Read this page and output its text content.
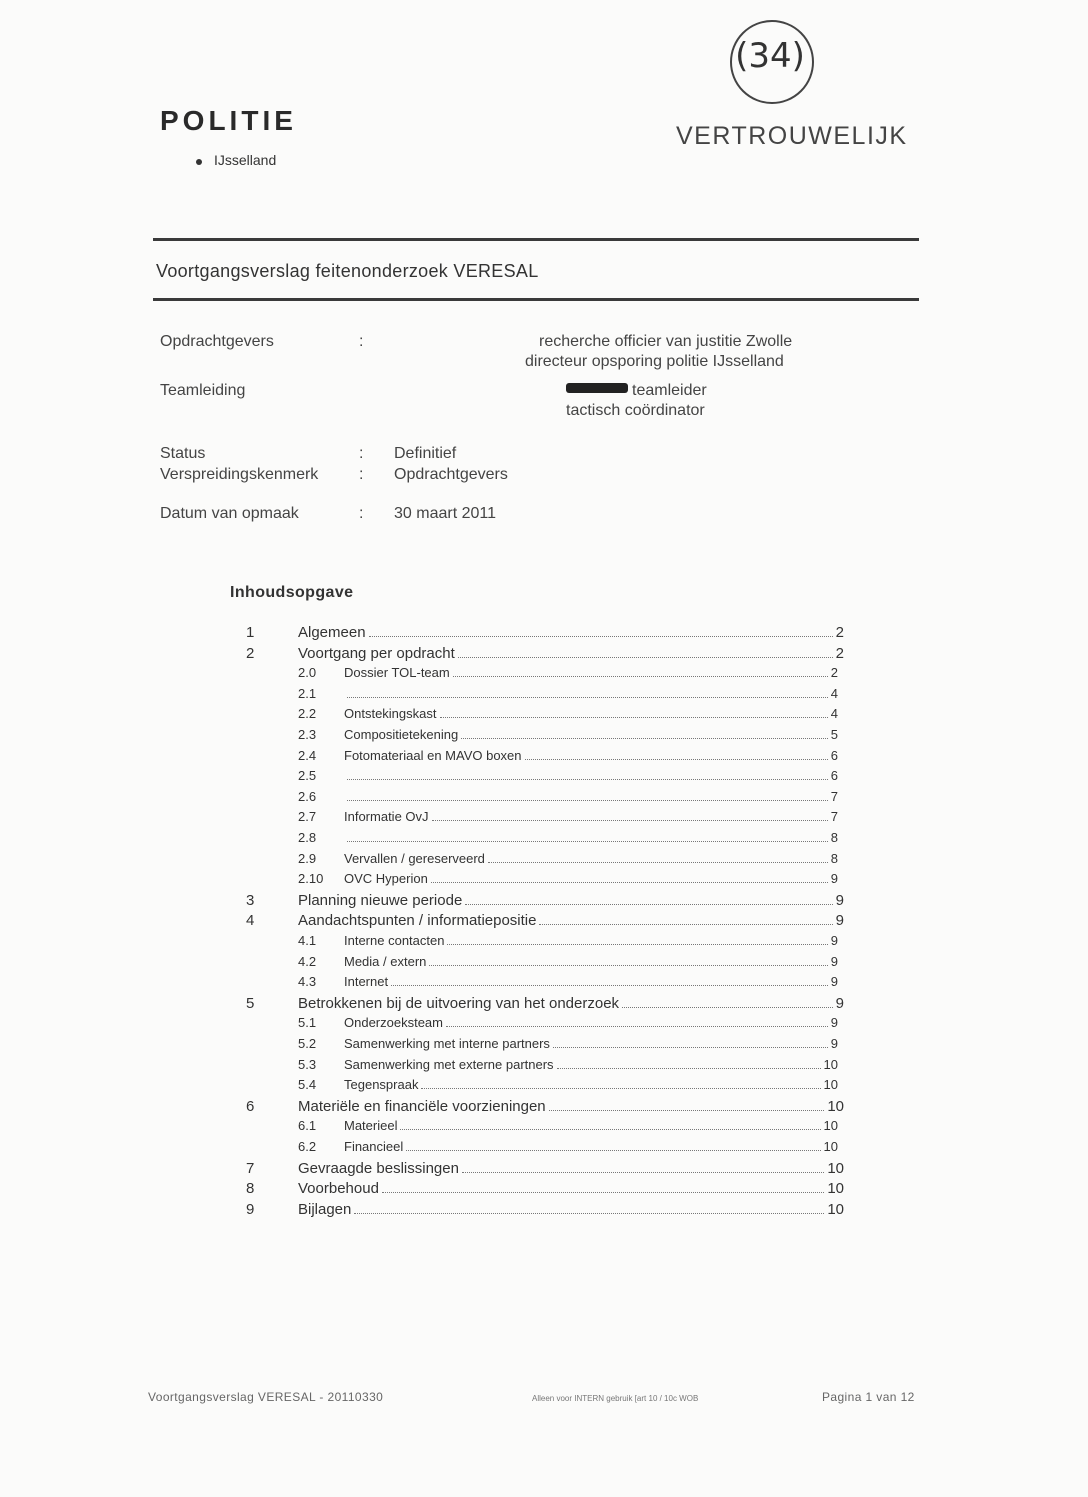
POLITIE
IJsselland
(34)
VERTROUWELIJK
Voortgangsverslag feitenonderzoek VERESAL
Opdrachtgevers	:	recherche officier van justitie Zwolle
directeur opsporing politie IJsselland
Teamleiding	teamleider
tactisch coördinator
Status	: Definitief
Verspreidingskenmerk	: Opdrachtgevers
Datum van opmaak	: 30 maart 2011
Inhoudsopgave
1	Algemeen	2
2	Voortgang per opdracht	2
2.0 Dossier TOL-team	2
2.1	4
2.2 Ontstekingskast	4
2.3 Compositietekening	5
2.4 Fotomateriaal en MAVO boxen	6
2.5	6
2.6	7
2.7 Informatie OvJ	7
2.8	8
2.9 Vervallen / gereserveerd	8
2.10 OVC Hyperion	9
3	Planning nieuwe periode	9
4	Aandachtspunten / informatiepositie	9
4.1 Interne contacten	9
4.2 Media / extern	9
4.3 Internet	9
5	Betrokkenen bij de uitvoering van het onderzoek	9
5.1 Onderzoeksteam	9
5.2 Samenwerking met interne partners	9
5.3 Samenwerking met externe partners	10
5.4 Tegenspraak	10
6	Materiële en financiële voorzieningen	10
6.1 Materieel	10
6.2 Financieel	10
7	Gevraagde beslissingen	10
8	Voorbehoud	10
9	Bijlagen	10
Voortgangsverslag VERESAL - 20110330	Alleen voor INTERN gebruik [art 10 / 10c WOB	Pagina 1 van 12
